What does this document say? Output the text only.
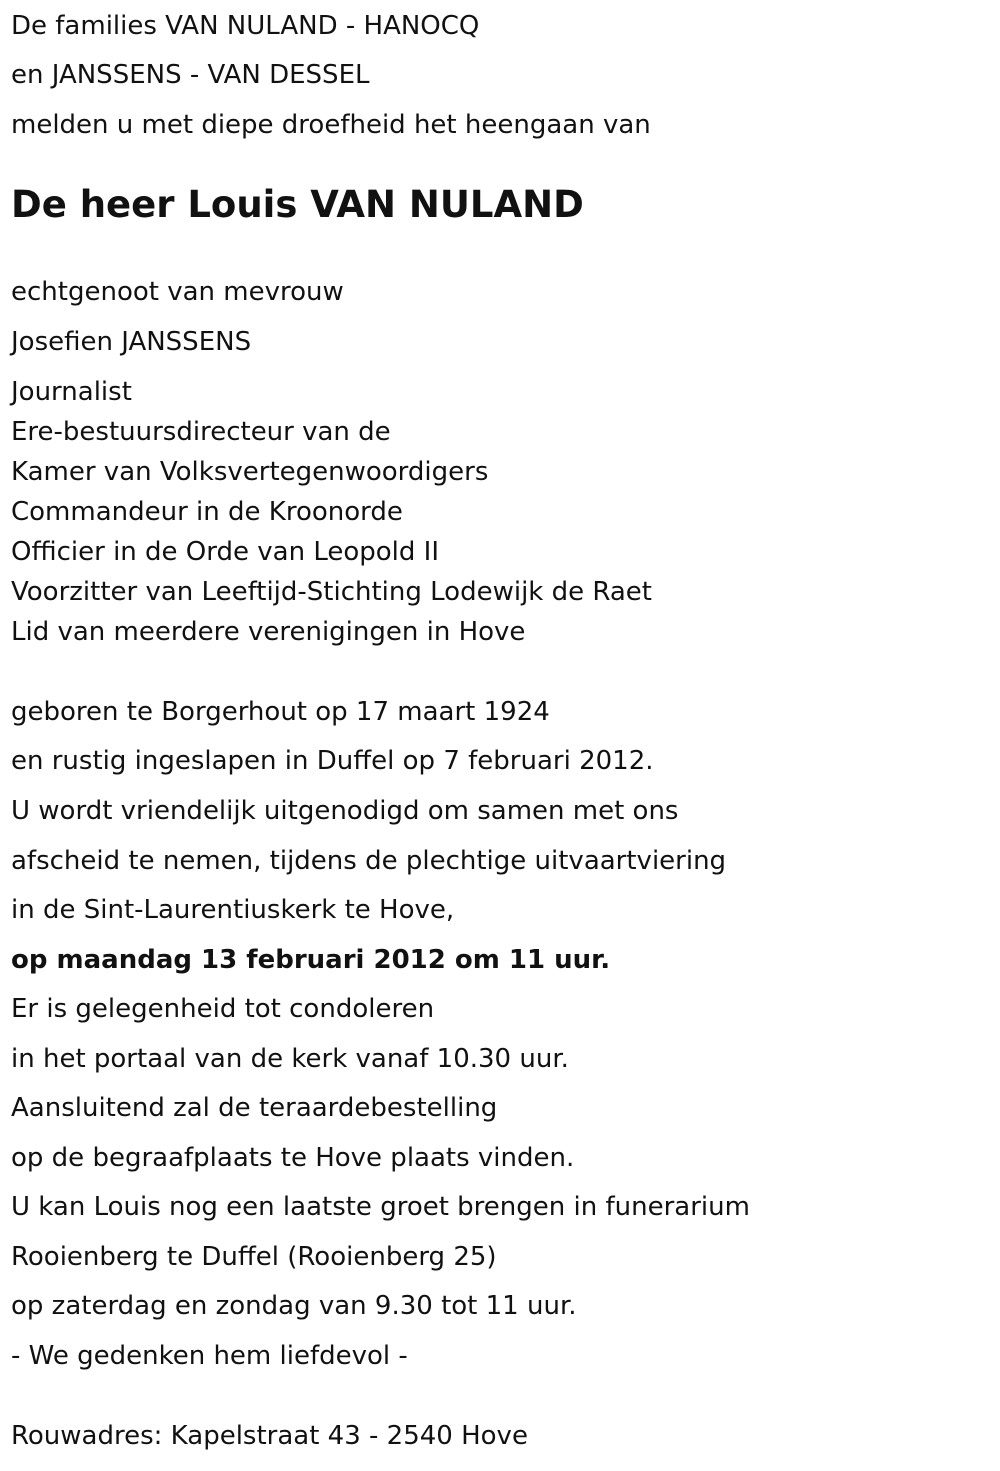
De families VAN NULAND - HANOCQ
en JANSSENS - VAN DESSEL
melden u met diepe droefheid het heengaan van
De heer Louis VAN NULAND
echtgenoot van mevrouw
Josefien JANSSENS
Journalist
Ere-bestuursdirecteur van de
Kamer van Volksvertegenwoordigers
Commandeur in de Kroonorde
Officier in de Orde van Leopold II
Voorzitter van Leeftijd-Stichting Lodewijk de Raet
Lid van meerdere verenigingen in Hove
geboren te Borgerhout op 17 maart 1924
en rustig ingeslapen in Duffel op 7 februari 2012.
U wordt vriendelijk uitgenodigd om samen met ons
afscheid te nemen, tijdens de plechtige uitvaartviering
in de Sint-Laurentiuskerk te Hove,
op maandag 13 februari 2012 om 11 uur.
Er is gelegenheid tot condoleren
in het portaal van de kerk vanaf 10.30 uur.
Aansluitend zal de teraardebestelling
op de begraafplaats te Hove plaats vinden.
U kan Louis nog een laatste groet brengen in funerarium
Rooienberg te Duffel (Rooienberg 25)
op zaterdag en zondag van 9.30 tot 11 uur.
- We gedenken hem liefdevol -
Rouwadres: Kapelstraat 43 - 2540 Hove
